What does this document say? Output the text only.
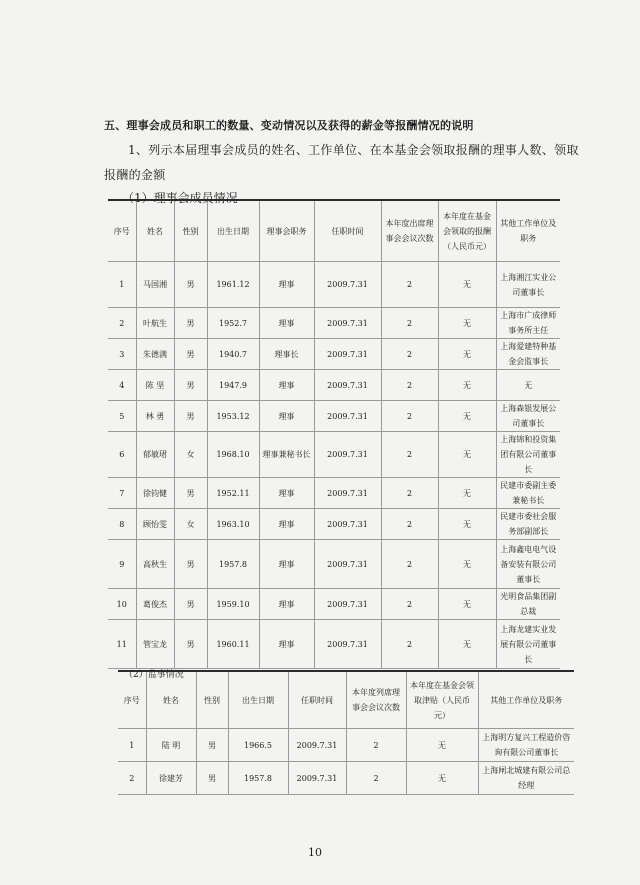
五、理事会成员和职工的数量、变动情况以及获得的薪金等报酬情况的说明
1、列示本届理事会成员的姓名、工作单位、在本基金会领取报酬的理事人数、领取
报酬的金额
（1）理事会成员情况
序号	姓名	性别	出生日期	理事会职务	任职时间	本年度出席理事会会议次数	本年度在基金会领取的报酬（人民币元）	其他工作单位及职务
1	马国湘	男	1961.12	理事	2009.7.31	2	无	上海湘江实业公司董事长
2	叶航生	男	1952.7	理事	2009.7.31	2	无	上海市广成律师事务所主任
3	朱德满	男	1940.7	理事长	2009.7.31	2	无	上海爱建特种基金会监事长
4	陈 坚	男	1947.9	理事	2009.7.31	2	无	无
5	林 勇	男	1953.12	理事	2009.7.31	2	无	上海森银发展公司董事长
6	郁敏珺	女	1968.10	理事兼秘书长	2009.7.31	2	无	上海锦和投资集团有限公司董事长
7	徐钧健	男	1952.11	理事	2009.7.31	2	无	民建市委副主委兼秘书长
8	顾怡雯	女	1963.10	理事	2009.7.31	2	无	民建市委社会服务部副部长
9	高秋生	男	1957.8	理事	2009.7.31	2	无	上海鑫电电气设备安装有限公司董事长
10	葛俊杰	男	1959.10	理事	2009.7.31	2	无	光明食品集团副总裁
11	管宝龙	男	1960.11	理事	2009.7.31	2	无	上海龙建实业发展有限公司董事长
（2）监事情况
序号	姓名	性别	出生日期	任职时间	本年度列席理事会会议次数	本年度在基金会领取津贴（人民币元）	其他工作单位及职务
1	陆 明	男	1966.5	2009.7.31	2	无	上海明方复兴工程造价咨询有限公司董事长
2	徐建芳	男	1957.8	2009.7.31	2	无	上海闸北城建有限公司总经理
10
